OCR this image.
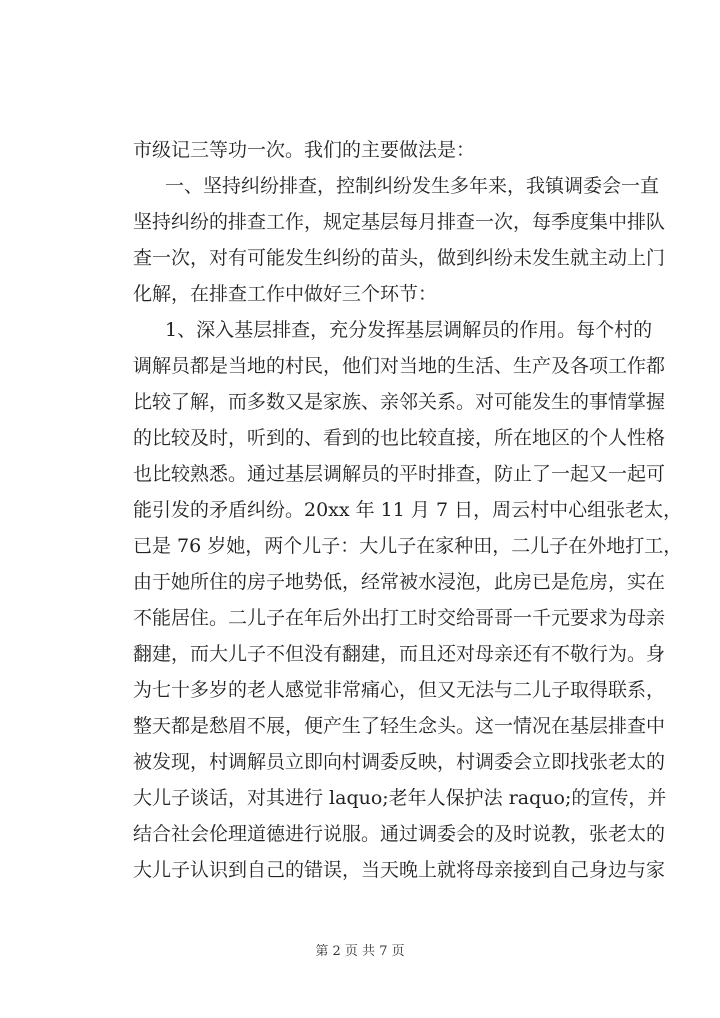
市级记三等功一次。我们的主要做法是：
一、坚持纠纷排查，控制纠纷发生多年来，我镇调委会一直
坚持纠纷的排查工作，规定基层每月排查一次，每季度集中排队
查一次，对有可能发生纠纷的苗头，做到纠纷未发生就主动上门
化解，在排查工作中做好三个环节：
1、深入基层排查，充分发挥基层调解员的作用。每个村的
调解员都是当地的村民，他们对当地的生活、生产及各项工作都
比较了解，而多数又是家族、亲邻关系。对可能发生的事情掌握
的比较及时，听到的、看到的也比较直接，所在地区的个人性格
也比较熟悉。通过基层调解员的平时排查，防止了一起又一起可
能引发的矛盾纠纷。20xx 年 11 月 7 日，周云村中心组张老太，
已是 76 岁她，两个儿子：大儿子在家种田，二儿子在外地打工，
由于她所住的房子地势低，经常被水浸泡，此房已是危房，实在
不能居住。二儿子在年后外出打工时交给哥哥一千元要求为母亲
翻建，而大儿子不但没有翻建，而且还对母亲还有不敬行为。身
为七十多岁的老人感觉非常痛心，但又无法与二儿子取得联系，
整天都是愁眉不展，便产生了轻生念头。这一情况在基层排查中
被发现，村调解员立即向村调委反映，村调委会立即找张老太的
大儿子谈话，对其进行 laquo;老年人保护法 raquo;的宣传，并
结合社会伦理道德进行说服。通过调委会的及时说教，张老太的
大儿子认识到自己的错误，当天晚上就将母亲接到自己身边与家
第 2 页 共 7 页
